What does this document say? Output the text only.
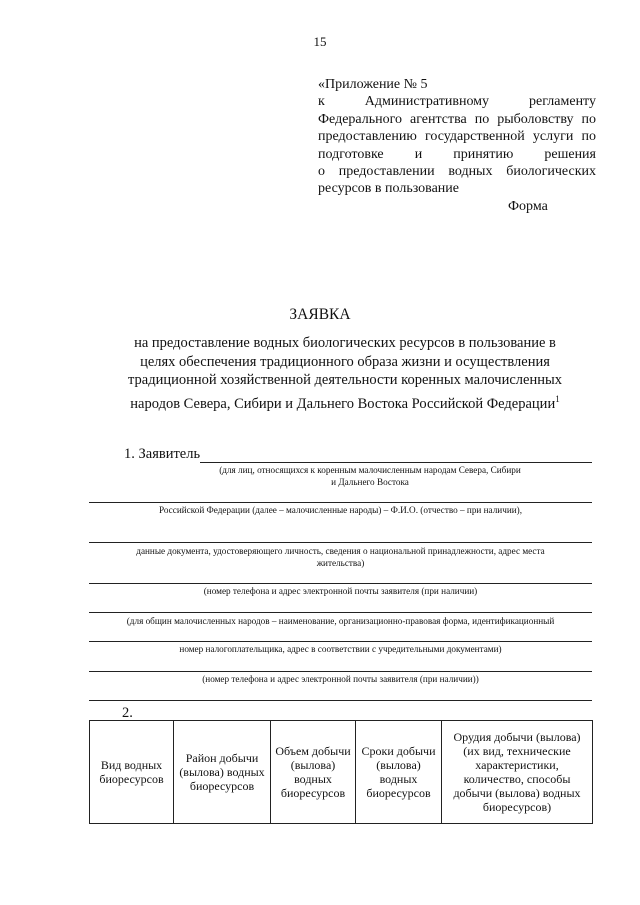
15
«Приложение № 5
к Административному регламенту
Федерального агентства по рыболовству по
предоставлению государственной услуги по
подготовке и принятию решения
о предоставлении водных биологических
ресурсов в пользование
Форма
ЗАЯВКА
на предоставление водных биологических ресурсов в пользование в
целях обеспечения традиционного образа жизни и осуществления
традиционной хозяйственной деятельности коренных малочисленных
народов Севера, Сибири и Дальнего Востока Российской Федерации$^1$
1. Заявитель
(для лиц, относящихся к коренным малочисленным народам Севера, Сибири
и Дальнего Востока
Российской Федерации (далее – малочисленные народы) – Ф.И.О. (отчество – при наличии),
данные документа, удостоверяющего личность, сведения о национальной принадлежности, адрес места
жительства)
(номер телефона и адрес электронной почты заявителя (при наличии)
(для общин малочисленных народов – наименование, организационно-правовая форма, идентификационный
номер налогоплательщика, адрес в соответствии с учредительными документами)
(номер телефона и адрес электронной почты заявителя (при наличии))
2.
Вид водных биоресурсов	Район добычи (вылова) водных биоресурсов	Объем добычи (вылова) водных биоресурсов	Сроки добычи (вылова) водных биоресурсов	Орудия добычи (вылова) (их вид, технические характеристики, количество, способы добычи (вылова) водных биоресурсов)
